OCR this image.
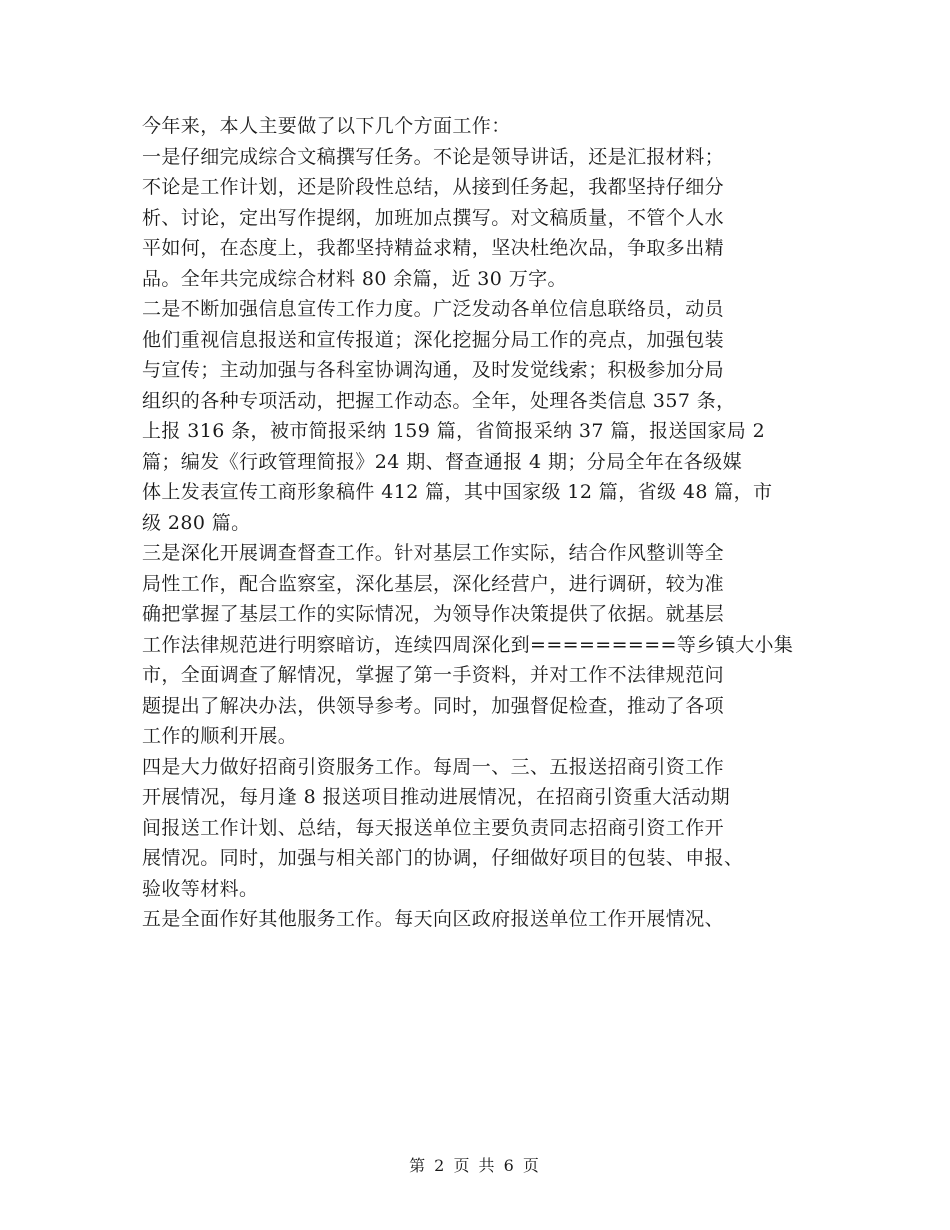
今年来，本人主要做了以下几个方面工作：
一是仔细完成综合文稿撰写任务。不论是领导讲话，还是汇报材料；
不论是工作计划，还是阶段性总结，从接到任务起，我都坚持仔细分
析、讨论，定出写作提纲，加班加点撰写。对文稿质量，不管个人水
平如何，在态度上，我都坚持精益求精，坚决杜绝次品，争取多出精
品。全年共完成综合材料 80 余篇，近 30 万字。
二是不断加强信息宣传工作力度。广泛发动各单位信息联络员，动员
他们重视信息报送和宣传报道；深化挖掘分局工作的亮点，加强包装
与宣传；主动加强与各科室协调沟通，及时发觉线索；积极参加分局
组织的各种专项活动，把握工作动态。全年，处理各类信息 357 条，
上报 316 条，被市简报采纳 159 篇，省简报采纳 37 篇，报送国家局 2
篇；编发《行政管理简报》24 期、督查通报 4 期；分局全年在各级媒
体上发表宣传工商形象稿件 412 篇，其中国家级 12 篇，省级 48 篇，市
级 280 篇。
三是深化开展调查督查工作。针对基层工作实际，结合作风整训等全
局性工作，配合监察室，深化基层，深化经营户，进行调研，较为准
确把掌握了基层工作的实际情况，为领导作决策提供了依据。就基层
工作法律规范进行明察暗访，连续四周深化到=========等乡镇大小集
市，全面调查了解情况，掌握了第一手资料，并对工作不法律规范问
题提出了解决办法，供领导参考。同时，加强督促检查，推动了各项
工作的顺利开展。
四是大力做好招商引资服务工作。每周一、三、五报送招商引资工作
开展情况，每月逢 8 报送项目推动进展情况，在招商引资重大活动期
间报送工作计划、总结，每天报送单位主要负责同志招商引资工作开
展情况。同时，加强与相关部门的协调，仔细做好项目的包装、申报、
验收等材料。
五是全面作好其他服务工作。每天向区政府报送单位工作开展情况、
第 2 页 共 6 页
